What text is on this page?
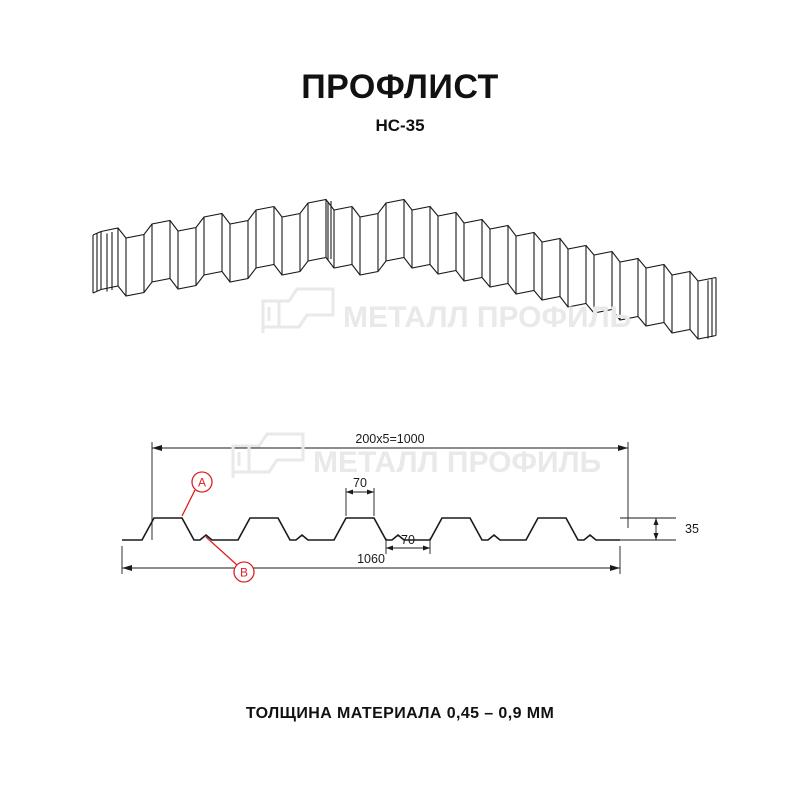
ПРОФЛИСТ
НС-35
200x5=1000
1060
70
70
35
A
B
МЕТАЛЛ ПРОФИЛЬ
МЕТАЛЛ ПРОФИЛЬ
ТОЛЩИНА МАТЕРИАЛА 0,45 – 0,9 ММ
